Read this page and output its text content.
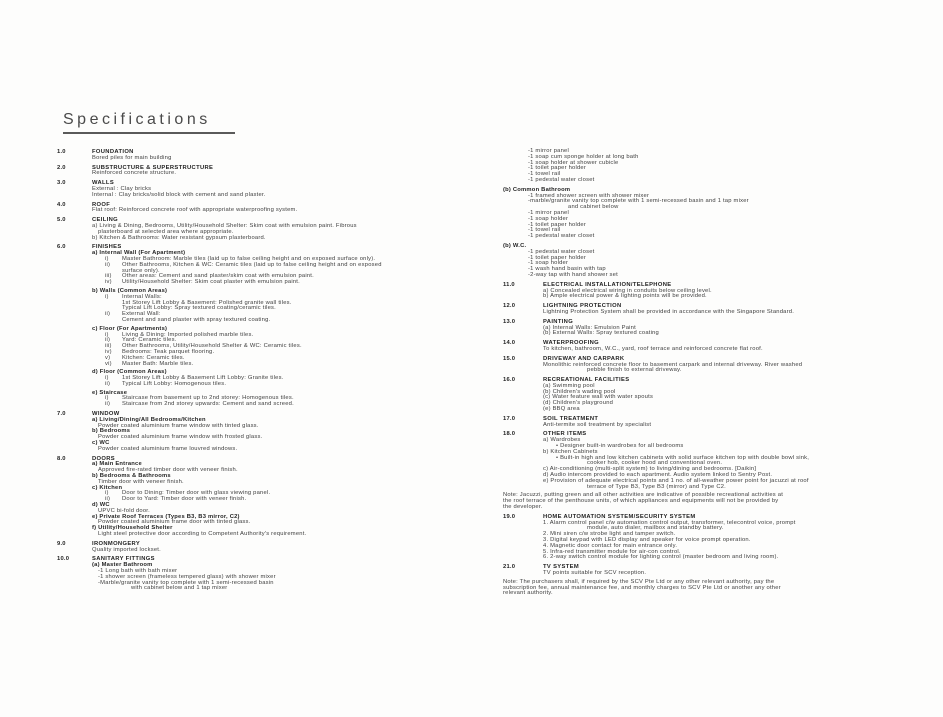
Specifications
1.0	FOUNDATION
Bored piles for main building
2.0	SUBSTRUCTURE & SUPERSTRUCTURE
Reinforced concrete structure.
3.0	WALLS
External : Clay bricks
Internal : Clay bricks/solid block with cement and sand plaster.
4.0	ROOF
Flat roof: Reinforced concrete roof with appropriate waterproofing system.
5.0	CEILING
a) Living & Dining, Bedrooms, Utility/Household Shelter: Skim coat with emulsion paint. Fibrous
plasterboard at selected area where appropriate.
b) Kitchen & Bathrooms: Water resistant gypsum plasterboard.
6.0	FINISHES
a) Internal Wall (For Apartment)
i)	Master Bathroom: Marble tiles (laid up to false ceiling height and on exposed surface only).
ii)	Other Bathrooms, Kitchen & WC: Ceramic tiles (laid up to false ceiling height and on exposed
surface only).
iii)	Other areas: Cement and sand plaster/skim coat with emulsion paint.
iv)	Utility/Household Shelter: Skim coat plaster with emulsion paint.
b) Walls (Common Areas)
i)	Internal Walls:
1st Storey Lift Lobby & Basement: Polished granite wall tiles.
Typical Lift Lobby: Spray textured coating/ceramic tiles.
ii)	External Wall:
Cement and sand plaster with spray textured coating.
c) Floor (For Apartments)
i)	Living & Dining: Imported polished marble tiles.
ii)	Yard: Ceramic tiles.
iii)	Other Bathrooms, Utility/Household Shelter & WC: Ceramic tiles.
iv)	Bedrooms: Teak parquet flooring.
v)	Kitchen: Ceramic tiles.
vi)	Master Bath: Marble tiles.
d) Floor (Common Areas)
i)	1st Storey Lift Lobby & Basement Lift Lobby: Granite tiles.
ii)	Typical Lift Lobby: Homogenous tiles.
e) Staircase
i)	Staircase from basement up to 2nd storey: Homogenous tiles.
ii)	Staircase from 2nd storey upwards: Cement and sand screed.
7.0	WINDOW
a) Living/Dining/All Bedrooms/Kitchen
Powder coated aluminium frame window with tinted glass.
b) Bedrooms
Powder coated aluminium frame window with frosted glass.
c) WC
Powder coated aluminium frame louvred windows.
8.0	DOORS
a) Main Entrance
Approved fire-rated timber door with veneer finish.
b) Bedrooms & Bathrooms
Timber door with veneer finish.
c) Kitchen
i)	Door to Dining: Timber door with glass viewing panel.
ii)	Door to Yard: Timber door with veneer finish.
d) WC
UPVC bi-fold door.
e) Private Roof Terraces (Types B3, B3 mirror, C2)
Powder coated aluminium frame door with tinted glass.
f) Utility/Household Shelter
Light steel protective door according to Competent Authority's requirement.
9.0	IRONMONGERY
Quality imported lockset.
10.0	SANITARY FITTINGS
(a) Master Bathroom
-1 Long bath with bath mixer
-1 shower screen (frameless tempered glass) with shower mixer
-Marble/granite vanity top complete with 1 semi-recessed basin
with cabinet below and 1 tap mixer
-1 mirror panel
-1 soap cum sponge holder at long bath
-1 soap holder at shower cubicle
-1 toilet paper holder
-1 towel rail
-1 pedestal water closet
(b) Common Bathroom
-1 framed shower screen with shower mixer
-marble/granite vanity top complete with 1 semi-recessed basin and 1 tap mixer
and cabinet below
-1 mirror panel
-1 soap holder
-1 toilet paper holder
-1 towel rail
-1 pedestal water closet
(b) W.C.
-1 pedestal water closet
-1 toilet paper holder
-1 soap holder
-1 wash hand basin with tap
-2-way tap with hand shower set
11.0	ELECTRICAL INSTALLATION/TELEPHONE
a) Concealed electrical wiring in conduits below ceiling level.
b) Ample electrical power & lighting points will be provided.
12.0	LIGHTNING PROTECTION
Lightning Protection System shall be provided in accordance with the Singapore Standard.
13.0	PAINTING
(a) Internal Walls: Emulsion Paint
(b) External Walls: Spray textured coating
14.0	WATERPROOFING
To kitchen, bathroom, W.C., yard, roof terrace and reinforced concrete flat roof.
15.0	DRIVEWAY AND CARPARK
Monolithic reinforced concrete floor to basement carpark and internal driveway. River washed
pebble finish to external driveway.
16.0	RECREATIONAL FACILITIES
(a) Swimming pool
(b) Children's wading pool
(c) Water feature wall with water spouts
(d) Children's playground
(e) BBQ area
17.0	SOIL TREATMENT
Anti-termite soil treatment by specialist
18.0	OTHER ITEMS
a) Wardrobes
• Designer built-in wardrobes for all bedrooms
b) Kitchen Cabinets
• Built-in high and low kitchen cabinets with solid surface kitchen top with double bowl sink,
cooker hob, cooker hood and conventional oven.
c) Air-conditioning (multi-split system) to living/dining and bedrooms. [Daikin]
d) Audio intercom provided to each apartment. Audio system linked to Sentry Post.
e) Provision of adequate electrical points and 1 no. of all-weather power point for jacuzzi at roof
terrace of Type B3, Type B3 (mirror) and Type C2.
Note: Jacuzzi, putting green and all other activities are indicative of possible recreational activities at
the roof terrace of the penthouse units, of which appliances and equipments will not be provided by
the developer.
19.0	HOME AUTOMATION SYSTEM/SECURITY SYSTEM
1. Alarm control panel c/w automation control output, transformer, telecontrol voice, prompt
module, auto dialer, mailbox and standby battery.
2. Mini siren c/w strobe light and tamper switch.
3. Digital keypad with LED display and speaker for voice prompt operation.
4. Magnetic door contact for main entrance only.
5. Infra-red transmitter module for air-con control.
6. 2-way switch control module for lighting control (master bedroom and living room).
21.0	TV SYSTEM
TV points suitable for SCV reception.
Note: The purchasers shall, if required by the SCV Pte Ltd or any other relevant authority, pay the
subscription fee, annual maintenance fee, and monthly charges to SCV Pte Ltd or another any other
relevant authority.
